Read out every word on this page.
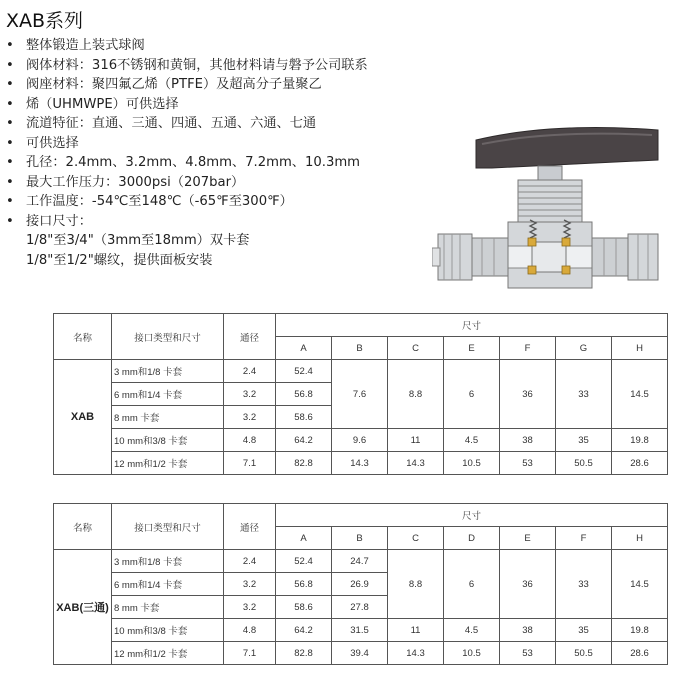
XAB系列
• 整体锻造上装式球阀
• 阀体材料：316不锈钢和黄铜，其他材料请与磐予公司联系
• 阀座材料：聚四氟乙烯（PTFE）及超高分子量聚乙
• 烯（UHMWPE）可供选择
• 流道特征：直通、三通、四通、五通、六通、七通
• 可供选择
• 孔径：2.4mm、3.2mm、4.8mm、7.2mm、10.3mm
• 最大工作压力：3000psi（207bar）
• 工作温度：-54℃至148℃（-65℉至300℉）
• 接口尺寸：
1/8"至3/4"（3mm至18mm）双卡套
1/8"至1/2"螺纹，提供面板安装
名称	接口类型和尺寸	通径	尺寸						
			A	B	C	E	F	G	H
XAB	3 mm和1/8 卡套	2.4	52.4	7.6	8.8	6	36	33	14.5
	6 mm和1/4 卡套	3.2	56.8						
	8 mm 卡套	3.2	58.6						
	10 mm和3/8 卡套	4.8	64.2	9.6	11	4.5	38	35	19.8
	12 mm和1/2 卡套	7.1	82.8	14.3	14.3	10.5	53	50.5	28.6
名称	接口类型和尺寸	通径	尺寸						
			A	B	C	D	E	F	H
XAB(三通)	3 mm和1/8 卡套	2.4	52.4	24.7	8.8	6	36	33	14.5
	6 mm和1/4 卡套	3.2	56.8	26.9					
	8 mm 卡套	3.2	58.6	27.8					
	10 mm和3/8 卡套	4.8	64.2	31.5	11	4.5	38	35	19.8
	12 mm和1/2 卡套	7.1	82.8	39.4	14.3	10.5	53	50.5	28.6
